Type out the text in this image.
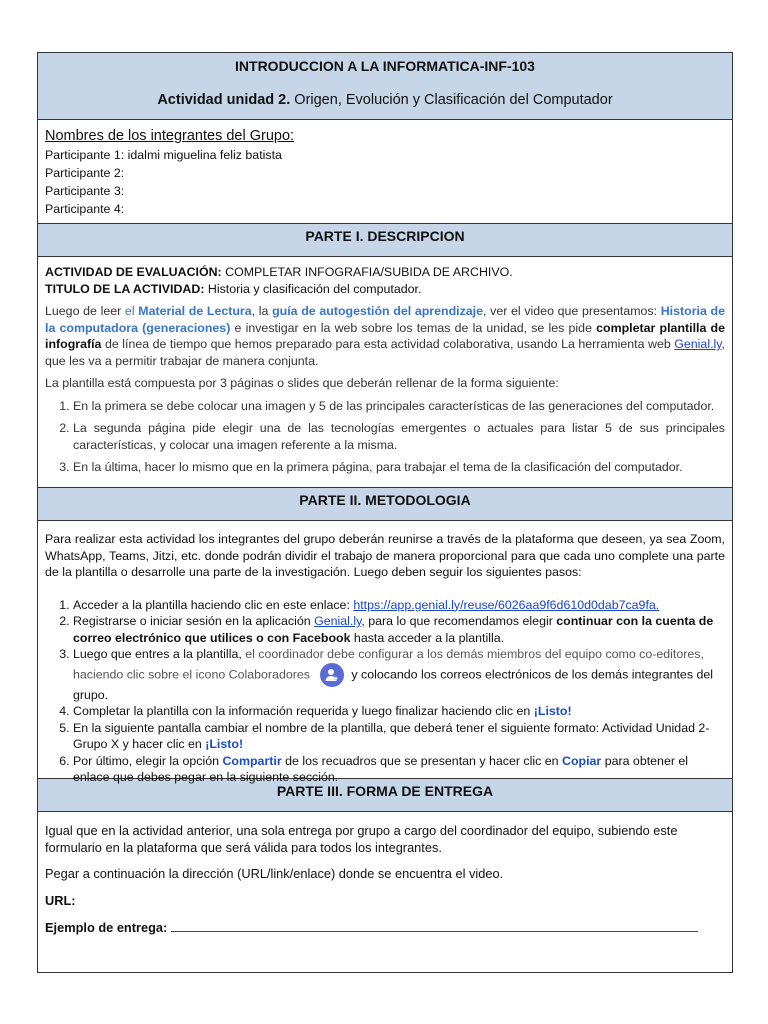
INTRODUCCION A LA INFORMATICA-INF-103
Actividad unidad 2. Origen, Evolución y Clasificación del Computador
Nombres de los integrantes del Grupo:
Participante 1: idalmi miguelina feliz batista
Participante 2:
Participante 3:
Participante 4:
PARTE I. DESCRIPCION
ACTIVIDAD DE EVALUACIÓN: COMPLETAR INFOGRAFIA/SUBIDA DE ARCHIVO.
TITULO DE LA ACTIVIDAD: Historia y clasificación del computador.

Luego de leer el Material de Lectura, la guía de autogestión del aprendizaje, ver el video que presentamos: Historia de la computadora (generaciones) e investigar en la web sobre los temas de la unidad, se les pide completar plantilla de infografía de línea de tiempo que hemos preparado para esta actividad colaborativa, usando La herramienta web Genial.ly, que les va a permitir trabajar de manera conjunta.

La plantilla está compuesta por 3 páginas o slides que deberán rellenar de la forma siguiente:

1. En la primera se debe colocar una imagen y 5 de las principales características de las generaciones del computador.
2. La segunda página pide elegir una de las tecnologías emergentes o actuales para listar 5 de sus principales características, y colocar una imagen referente a la misma.
3. En la última, hacer lo mismo que en la primera página, para trabajar el tema de la clasificación del computador.
PARTE II. METODOLOGIA

Para realizar esta actividad los integrantes del grupo deberán reunirse a través de la plataforma que deseen, ya sea Zoom, WhatsApp, Teams, Jitzi, etc. donde podrán dividir el trabajo de manera proporcional para que cada uno complete una parte de la plantilla o desarrolle una parte de la investigación. Luego deben seguir los siguientes pasos:

1. Acceder a la plantilla haciendo clic en este enlace: https://app.genial.ly/reuse/6026aa9f6d610d0dab7ca9fa.
2. Registrarse o iniciar sesión en la aplicación Genial.ly, para lo que recomendamos elegir continuar con la cuenta de correo electrónico que utilices o con Facebook hasta acceder a la plantilla.
3. Luego que entres a la plantilla, el coordinador debe configurar a los demás miembros del equipo como co-editores, haciendo clic sobre el icono Colaboradores	y colocando los correos electrónicos de los demás integrantes del grupo.
4. Completar la plantilla con la información requerida y luego finalizar haciendo clic en ¡Listo!
5. En la siguiente pantalla cambiar el nombre de la plantilla, que deberá tener el siguiente formato: Actividad Unidad 2-Grupo X y hacer clic en ¡Listo!
6. Por último, elegir la opción Compartir de los recuadros que se presentan y hacer clic en Copiar para obtener el enlace que debes pegar en la siguiente sección.
PARTE III. FORMA DE ENTREGA

Igual que en la actividad anterior, una sola entrega por grupo a cargo del coordinador del equipo, subiendo este formulario en la plataforma que será válida para todos los integrantes.

Pegar a continuación la dirección (URL/link/enlace) donde se encuentra el video.

URL:

Ejemplo de entrega:
